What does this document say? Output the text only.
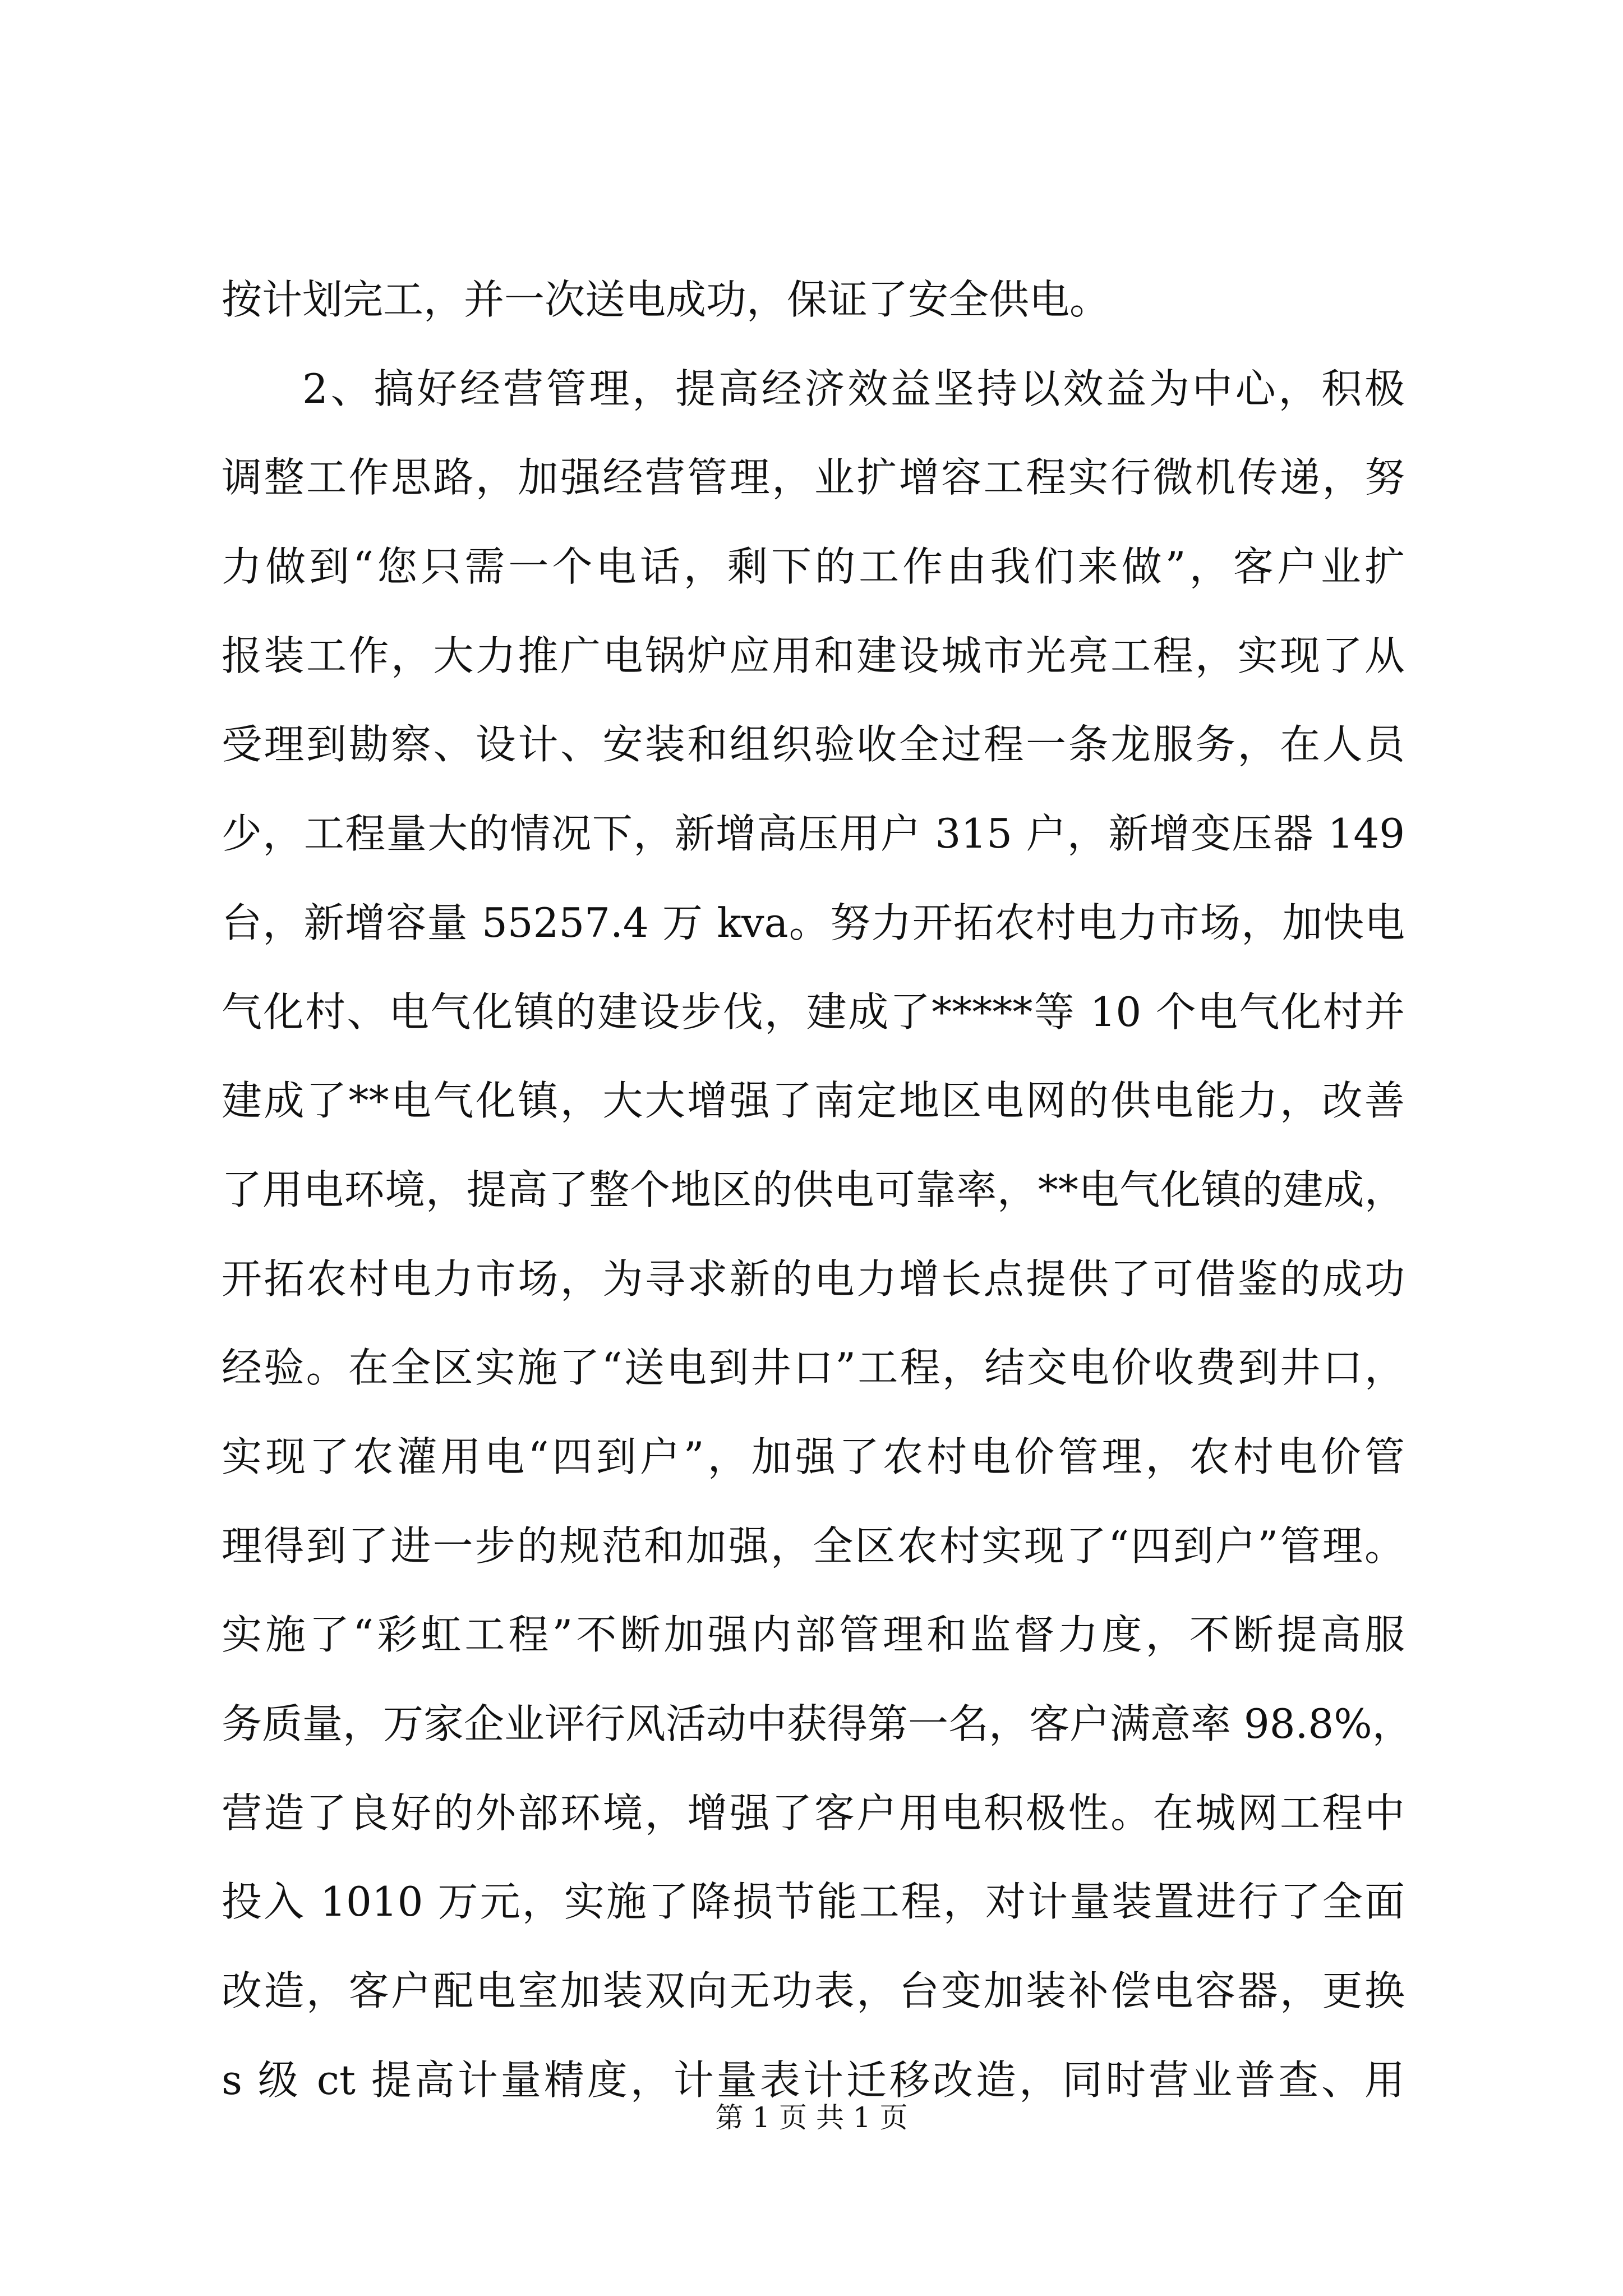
按计划完工，并一次送电成功，保证了安全供电。
2、搞好经营管理，提高经济效益坚持以效益为中心，积极
调整工作思路，加强经营管理，业扩增容工程实行微机传递，努
力做到“您只需一个电话，剩下的工作由我们来做”，客户业扩
报装工作，大力推广电锅炉应用和建设城市光亮工程，实现了从
受理到勘察、设计、安装和组织验收全过程一条龙服务，在人员
少，工程量大的情况下，新增高压用户 315 户，新增变压器 149
台，新增容量 55257.4 万 kva。努力开拓农村电力市场，加快电
气化村、电气化镇的建设步伐，建成了*****等 10 个电气化村并
建成了**电气化镇，大大增强了南定地区电网的供电能力，改善
了用电环境，提高了整个地区的供电可靠率，**电气化镇的建成，
开拓农村电力市场，为寻求新的电力增长点提供了可借鉴的成功
经验。在全区实施了“送电到井口”工程，结交电价收费到井口，
实现了农灌用电“四到户”，加强了农村电价管理，农村电价管
理得到了进一步的规范和加强，全区农村实现了“四到户”管理。
实施了“彩虹工程”不断加强内部管理和监督力度，不断提高服
务质量，万家企业评行风活动中获得第一名，客户满意率 98.8%，
营造了良好的外部环境，增强了客户用电积极性。在城网工程中
投入 1010 万元，实施了降损节能工程，对计量装置进行了全面
改造，客户配电室加装双向无功表，台变加装补偿电容器，更换
s 级 ct 提高计量精度，计量表计迁移改造，同时营业普查、用
第 1 页 共 1 页
